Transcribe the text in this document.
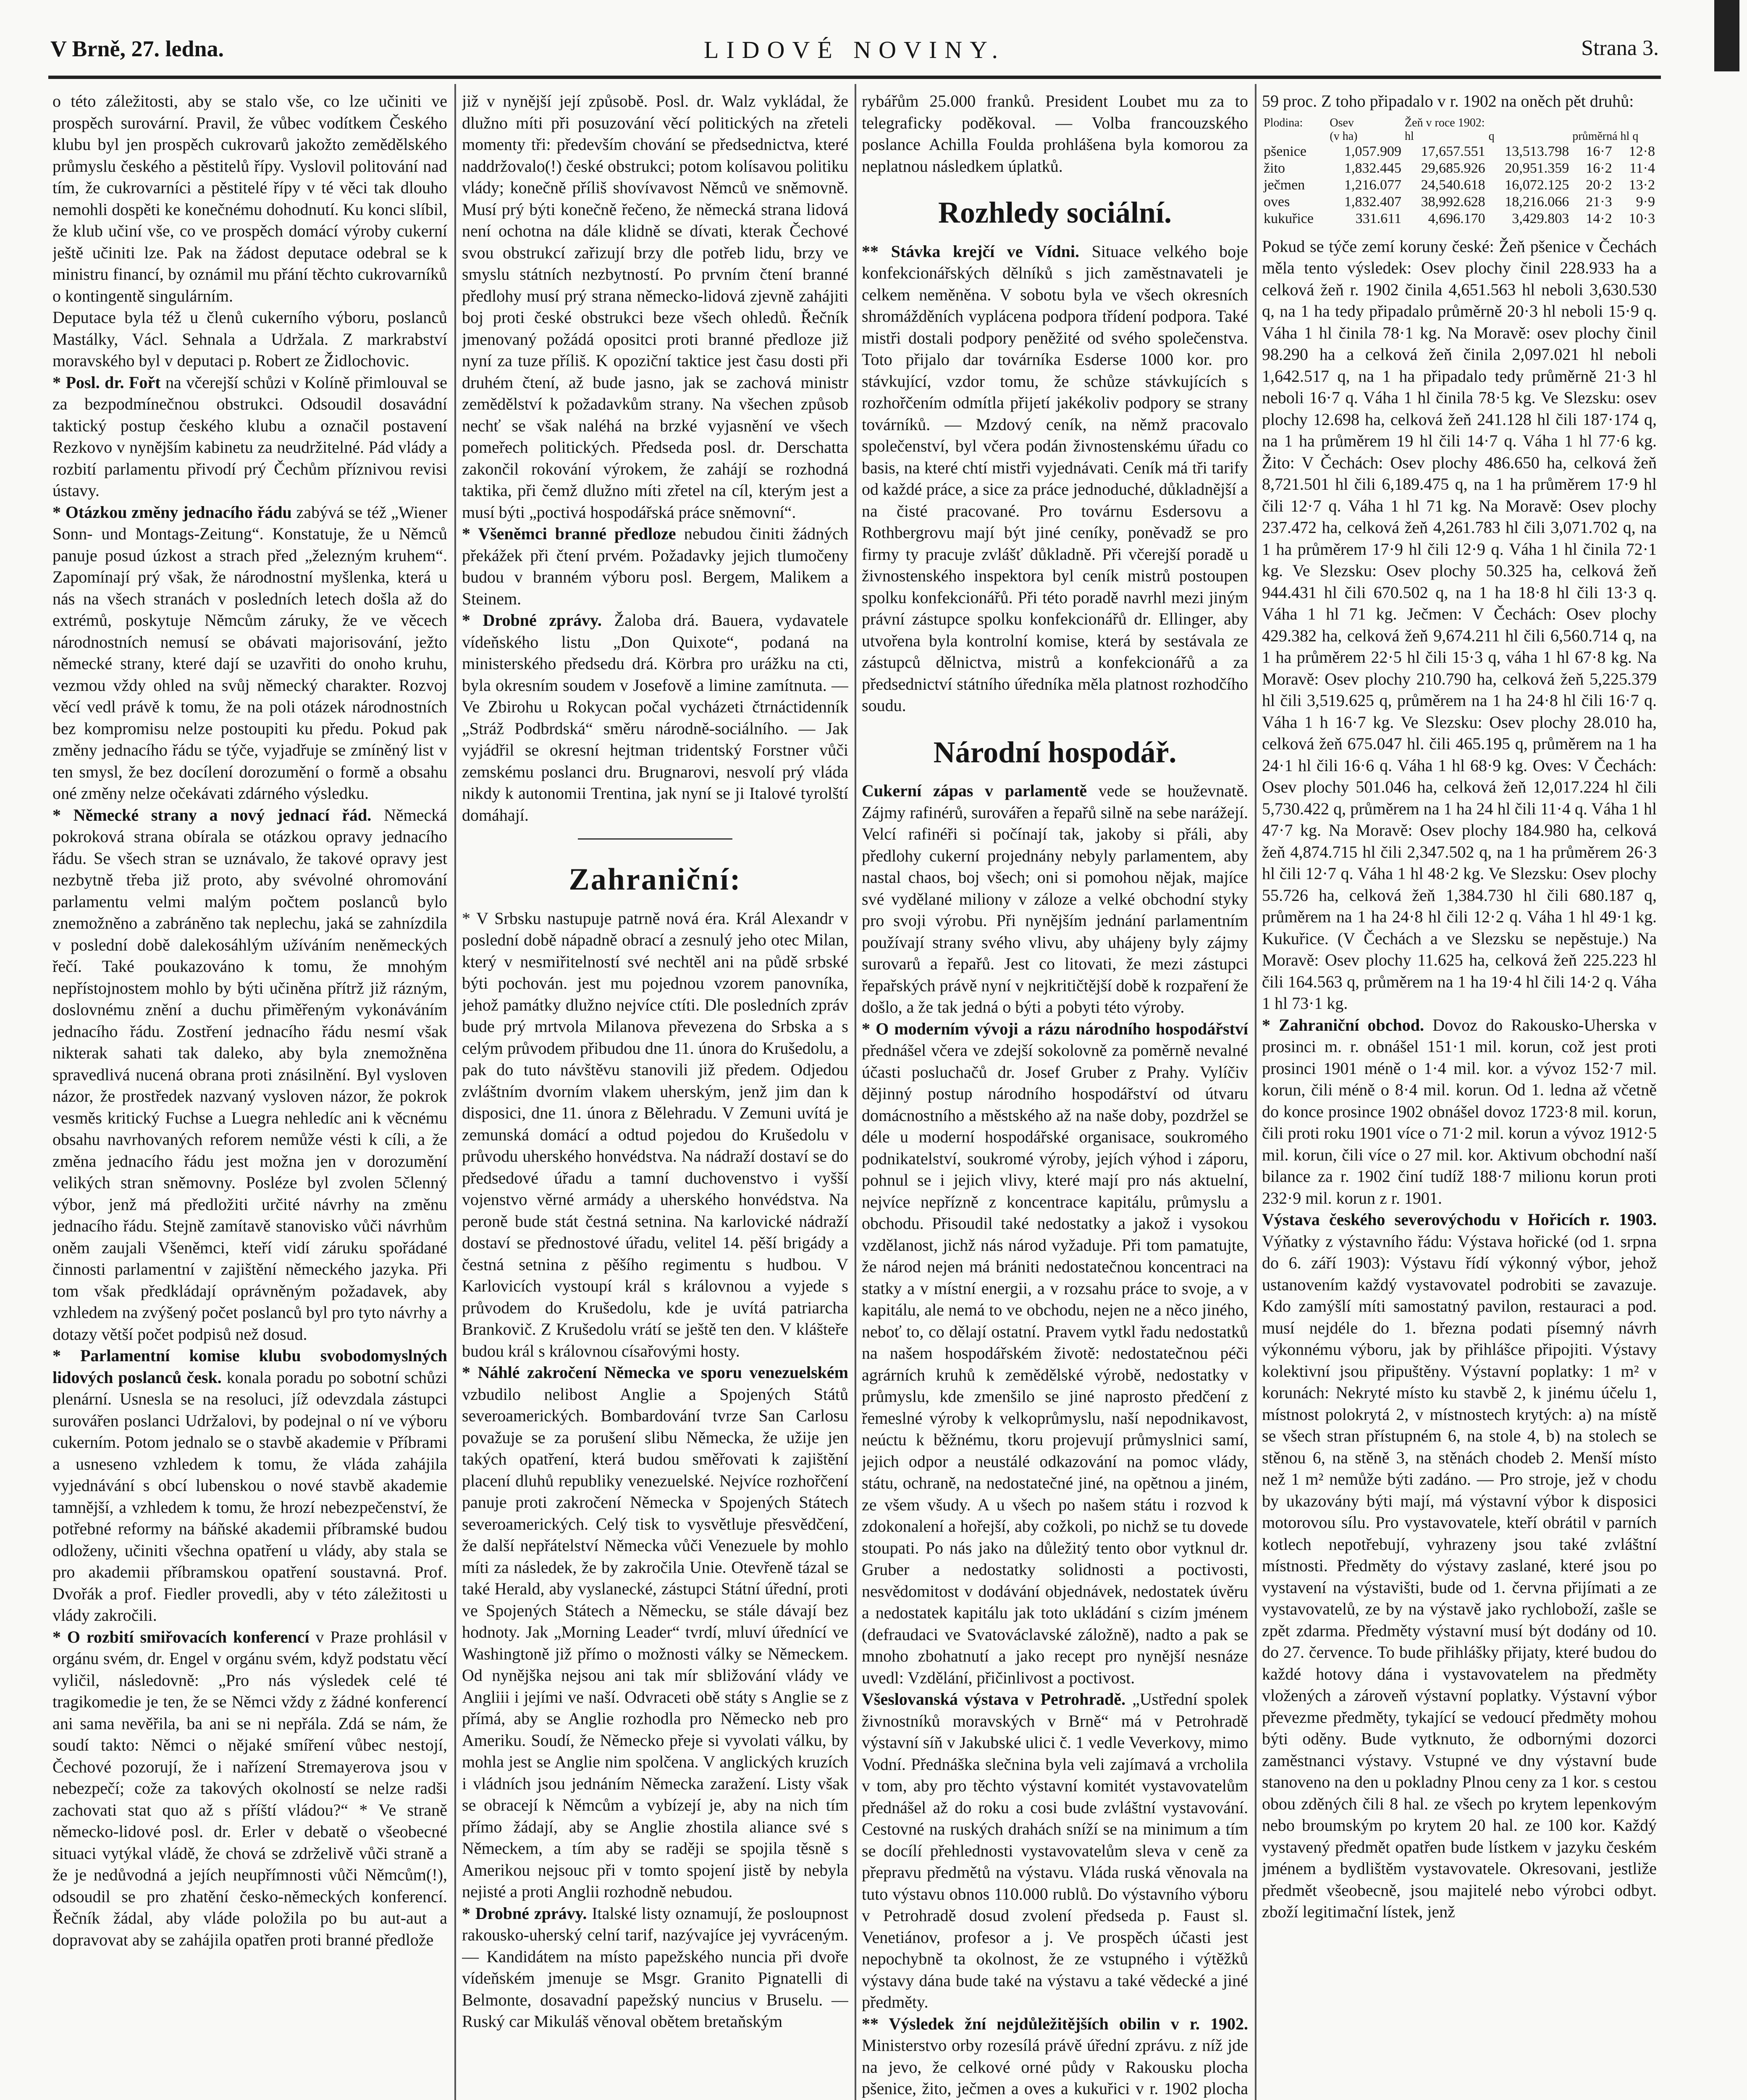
V Brně, 27. ledna.	LIDOVÉ NOVINY.	Strana 3.

o této záležitosti, aby se stalo vše, co lze učiniti ve prospěch surovární. Pravil, že vůbec vodítkem Českého klubu byl jen prospěch cukrovarů jakožto zemědělského průmyslu českého a pěstitelů řípy. Vyslovil politování nad tím, že cukrovarníci a pěstitelé řípy v té věci tak dlouho nemohli dospěti ke konečnému dohodnutí. Ku konci slíbil, že klub učiní vše, co ve prospěch domácí výroby cukerní ještě učiniti lze. Pak na žádost deputace odebral se k ministru financí, by oznámil mu přání těchto cukrovarníků o kontingentě singulárním.

Deputace byla též u členů cukerního výboru, poslanců Mastálky, Václ. Sehnala a Udržala. Z markrabství moravského byl v deputaci p. Robert ze Židlochovic.

* Posl. dr. Fořt na včerejší schůzi v Kolíně přimlouval se za bezpodmínečnou obstrukci. Odsoudil dosavádní taktický postup českého klubu a označil postavení Rezkovo v nynějším kabinetu za neudržitelné. Pád vlády a rozbití parlamentu přivodí prý Čechům příznivou revisi ústavy.

* Otázkou změny jednacího řádu zabývá se též „Wiener Sonn- und Montags-Zeitung“. Konstatuje, že u Němců panuje posud úzkost a strach před „železným kruhem“. Zapomínají prý však, že národnostní myšlenka, která u nás na všech stranách v posledních letech došla až do extrémů, poskytuje Němcům záruky, že ve věcech národnostních nemusí se obávati majorisování, ježto německé strany, které dají se uzavřiti do onoho kruhu, vezmou vždy ohled na svůj německý charakter. Rozvoj věcí vedl právě k tomu, že na poli otázek národnostních bez kompromisu nelze postoupiti ku předu. Pokud pak změny jednacího řádu se týče, vyjadřuje se zmíněný list v ten smysl, že bez docílení dorozumění o formě a obsahu oné změny nelze očekávati zdárného výsledku.

* Německé strany a nový jednací řád. Německá pokroková strana obírala se otázkou opravy jednacího řádu. Se všech stran se uznávalo, že takové opravy jest nezbytně třeba již proto, aby svévolné ohromování parlamentu velmi malým počtem poslanců bylo znemožněno a zabráněno tak neplechu, jaká se zahnízdila v poslední době dalekosáhlým užíváním neněmeckých řečí. Také poukazováno k tomu, že mnohým nepřístojnostem mohlo by býti učiněna přítrž již rázným, doslovnému znění a duchu přiměřeným vykonáváním jednacího řádu. Zostření jednacího řádu nesmí však nikterak sahati tak daleko, aby byla znemožněna spravedlivá nucená obrana proti znásilnění. Byl vysloven názor, že prostředek nazvaný vysloven názor, že pokrok vesměs kritický Fuchse a Luegra nehledíc ani k věcnému obsahu navrhovaných reforem nemůže vésti k cíli, a že změna jednacího řádu jest možna jen v dorozumění velikých stran sněmovny. Posléze byl zvolen 5členný výbor, jenž má předložiti určité návrhy na změnu jednacího řádu. Stejně zamítavě stanovisko vůči návrhům oněm zaujali Všeněmci, kteří vidí záruku spořádané činnosti parlamentní v zajištění německého jazyka. Při tom však předkládají oprávněným požadavek, aby vzhledem na zvýšený počet poslanců byl pro tyto návrhy a dotazy větší počet podpisů než dosud.

* Parlamentní komise klubu svobodomyslných lidových poslanců česk. konala poradu po sobotní schůzi plenární. Usnesla se na resoluci, jíž odevzdala zástupci surovářen poslanci Udržalovi, by podejnal o ní ve výboru cukerním. Potom jednalo se o stavbě akademie v Příbrami a usneseno vzhledem k tomu, že vláda zahájila vyjednávání s obcí lubenskou o nové stavbě akademie tamnější, a vzhledem k tomu, že hrozí nebezpečenství, že potřebné reformy na báňské akademii příbramské budou odloženy, učiniti všechna opatření u vlády, aby stala se pro akademii příbramskou opatření soustavná. Prof. Dvořák a prof. Fiedler provedli, aby v této záležitosti u vlády zakročili.

* O rozbití smiřovacích konferencí v Praze prohlásil v orgánu svém, dr. Engel v orgánu svém, když podstatu věcí vyličil, následovně: „Pro nás výsledek celé té tragikomedie je ten, že se Němci vždy z žádné konferencí ani sama nevěřila, ba ani se ni nepřála. Zdá se nám, že soudí takto: Němci o nějaké smíření vůbec nestojí, Čechové pozorují, že i nařízení Stremayerova jsou v nebezpečí; cože za takových okolností se nelze radši zachovati stat quo až s příští vládou?“ * Ve straně německo-lidové posl. dr. Erler v debatě o všeobecné situaci vytýkal vládě, že chová se zdrželivě vůči straně a že je nedůvodná a jejích neupřímnosti vůči Němcům(!), odsoudil se pro zhatění česko-německých konferencí. Řečník žádal, aby vláde položila po bu aut-aut a dopravovat aby se zahájila opatřen proti branné předlože

již v nynější její způsobě. Posl. dr. Walz vykládal, že dlužno míti při posuzování věcí politických na zřeteli momenty tři: především chování se předsednictva, které naddržovalo(!) české obstrukci; potom kolísavou politiku vlády; konečně příliš shovívavost Němců ve sněmovně. Musí prý býti konečně řečeno, že německá strana lidová není ochotna na dále klidně se dívati, kterak Čechové svou obstrukcí zařizují brzy dle potřeb lidu, brzy ve smyslu státních nezbytností. Po prvním čtení branné předlohy musí prý strana německo-lidová zjevně zahájiti boj proti české obstrukci beze všech ohledů. Řečník jmenovaný požádá opositci proti branné předloze již nyní za tuze příliš. K opoziční taktice jest času dosti při druhém čtení, až bude jasno, jak se zachová ministr zemědělství k požadavkům strany. Na všechen způsob nechť se však naléhá na brzké vyjasnění ve všech pomeřech politických. Předseda posl. dr. Derschatta zakončil rokování výrokem, že zahájí se rozhodná taktika, při čemž dlužno míti zřetel na cíl, kterým jest a musí býti „poctivá hospodářská práce sněmovní“.

* Všeněmci branné předloze nebudou činiti žádných překážek při čtení prvém. Požadavky jejich tlumočeny budou v branném výboru posl. Bergem, Malikem a Steinem.

* Drobné zprávy. Žaloba drá. Bauera, vydavatele vídeňského listu „Don Quixote“, podaná na ministerského předsedu drá. Körbra pro urážku na cti, byla okresním soudem v Josefově a limine zamítnuta. — Ve Zbirohu u Rokycan počal vycházeti čtrnáctidenník „Stráž Podbrdská“ směru národně-sociálního. — Jak vyjádřil se okresní hejtman tridentský Forstner vůči zemskému poslanci dru. Brugnarovi, nesvolí prý vláda nikdy k autonomii Trentina, jak nyní se ji Italové tyrolští domáhají.

Zahraniční:

* V Srbsku nastupuje patrně nová éra. Král Alexandr v poslední době nápadně obrací a zesnulý jeho otec Milan, který v nesmiřitelností své nechtěl ani na půdě srbské býti pochován. jest mu pojednou vzorem panovníka, jehož památky dlužno nejvíce ctíti. Dle posledních zpráv bude prý mrtvola Milanova převezena do Srbska a s celým průvodem přibudou dne 11. února do Krušedolu, a pak do tuto návštěvu stanovili již předem. Odjedou zvláštním dvorním vlakem uherským, jenž jim dan k disposici, dne 11. února z Bělehradu. V Zemuni uvítá je zemunská domácí a odtud pojedou do Krušedolu v průvodu uherského honvédstva. Na nádraží dostaví se do předsedové úřadu a tamní duchovenstvo i vyšší vojenstvo věrné armády a uherského honvédstva. Na peroně bude stát čestná setnina. Na karlovické nádraží dostaví se přednostové úřadu, velitel 14. pěší brigády a čestná setnina z pěšího regimentu s hudbou. V Karlovicích vystoupí král s královnou a vyjede s průvodem do Krušedolu, kde je uvítá patriarcha Brankovič. Z Krušedolu vrátí se ještě ten den. V klášteře budou král s královnou císařovými hosty.

* Náhlé zakročení Německa ve sporu venezuelském vzbudilo nelibost Anglie a Spojených Států severoamerických. Bombardování tvrze San Carlosu považuje se za porušení slibu Německa, že užije jen takých opatření, která budou směřovati k zajištění placení dluhů republiky venezuelské. Nejvíce rozhořčení panuje proti zakročení Německa v Spojených Státech severoamerických. Celý tisk to vysvětluje přesvědčení, že další nepřátelství Německa vůči Venezuele by mohlo míti za následek, že by zakročila Unie. Otevřeně tázal se také Herald, aby vyslanecké, zástupci Státní úřední, proti ve Spojených Státech a Německu, se stále dávají bez hodnoty. Jak „Morning Leader“ tvrdí, mluví úřednící ve Washingtoně již přímo o možnosti války se Německem. Od nynějška nejsou ani tak mír sbližování vlády ve Angliii i jejími ve naší. Odvraceti obě státy s Anglie se z přímá, aby se Anglie rozhodla pro Německo neb pro Ameriku. Soudí, že Německo přeje si vyvolati válku, by mohla jest se Anglie nim spolčena. V anglických kruzích i vládních jsou jednáním Německa zaražení. Listy však se obracejí k Němcům a vybízejí je, aby na nich tím přímo žádají, aby se Anglie zhostila aliance své s Německem, a tím aby se raději se spojila těsně s Amerikou nejsouc při v tomto spojení jistě by nebyla nejisté a proti Anglii rozhodně nebudou.

* Drobné zprávy. Italské listy oznamují, že posloupnost rakousko-uherský celní tarif, nazývajíce jej vyvráceným. — Kandidátem na místo papežského nuncia při dvoře vídeňském jmenuje se Msgr. Granito Pignatelli di Belmonte, dosavadní papežský nuncius v Bruselu. — Ruský car Mikuláš věnoval obětem bretaňským

rybářům 25.000 franků. President Loubet mu za to telegraficky poděkoval. — Volba francouzského poslance Achilla Foulda prohlášena byla komorou za neplatnou následkem úplatků.

Rozhledy sociální.

** Stávka krejčí ve Vídni. Situace velkého boje konfekcionářských dělníků s jich zaměstnavateli je celkem neměněna. V sobotu byla ve všech okresních shromážděních vyplácena podpora třídení podpora. Také mistři dostali podpory peněžité od svého společenstva. Toto přijalo dar továrníka Esderse 1000 kor. pro stávkující, vzdor tomu, že schůze stávkujících s rozhořčením odmítla přijetí jakékoliv podpory se strany továrníků. — Mzdový ceník, na němž pracovalo společenství, byl včera podán živnostenskému úřadu co basis, na které chtí mistři vyjednávati. Ceník má tři tarify od každé práce, a sice za práce jednoduché, důkladnější a na čisté pracované. Pro továrnu Esdersovu a Rothbergrovu mají být jiné ceníky, poněvadž se pro firmy ty pracuje zvlášť důkladně. Při včerejší poradě u živnostenského inspektora byl ceník mistrů postoupen spolku konfekcionářů. Při této poradě navrhl mezi jiným právní zástupce spolku konfekcionářů dr. Ellinger, aby utvořena byla kontrolní komise, která by sestávala ze zástupců dělnictva, mistrů a konfekcionářů a za předsednictví státního úředníka měla platnost rozhodčího soudu.

Národní hospodář.

Cukerní zápas v parlamentě vede se houževnatě. Zájmy rafinérů, surovářen a řepařů silně na sebe narážejí. Velcí rafinéři si počínají tak, jakoby si přáli, aby předlohy cukerní projednány nebyly parlamentem, aby nastal chaos, boj všech; oni si pomohou nějak, majíce své vydělané miliony v záloze a velké obchodní styky pro svoji výrobu. Při nynějším jednání parlamentním používají strany svého vlivu, aby uhájeny byly zájmy surovarů a řepařů. Jest co litovati, že mezi zástupci řepařských právě nyní v nejkritičtější době k rozpaření že došlo, a že tak jedná o býti a pobyti této výroby.

* O moderním vývoji a rázu národního hospodářství přednášel včera ve zdejší sokolovně za poměrně nevalné účasti posluchačů dr. Josef Gruber z Prahy. Vylíčiv dějinný postup národního hospodářství od útvaru domácnostního a městského až na naše doby, pozdržel se déle u moderní hospodářské organisace, soukromého podnikatelství, soukromé výroby, jejích výhod i záporu, pohnul se i jejich vlivy, které mají pro nás aktuelní, nejvíce nepřízně z koncentrace kapitálu, průmyslu a obchodu. Přisoudil také nedostatky a jakož i vysokou vzdělanost, jichž nás národ vyžaduje. Při tom pamatujte, že národ nejen má brániti nedostatečnou koncentraci na statky a v místní energii, a v rozsahu práce to svoje, a v kapitálu, ale nemá to ve obchodu, nejen ne a něco jiného, neboť to, co dělají ostatní. Pravem vytkl řadu nedostatků na našem hospodářském životě: nedostatečnou péči agrárních kruhů k zemědělské výrobě, nedostatky v průmyslu, kde zmenšilo se jiné naprosto předčení z řemeslné výroby k velkoprůmyslu, naší nepodnikavost, neúctu k běžnému, tkoru projevují průmyslnici samí, jejich odpor a neustálé odkazování na pomoc vlády, státu, ochraně, na nedostatečné jiné, na opětnou a jiném, ze všem všudy. A u všech po našem státu i rozvod k zdokonalení a hořejší, aby cožkoli, po nichž se tu dovede stoupati. Po nás jako na důležitý tento obor vytknul dr. Gruber a nedostatky solidnosti a poctivosti, nesvědomitost v dodávání objednávek, nedostatek úvěru a nedostatek kapitálu jak toto ukládání s cizím jménem (defraudaci ve Svatováclavské záložně), nadto a pak se mnoho zbohatnutí a jako recept pro nynější nesnáze uvedl: Vzdělání, přičinlivost a poctivost.

Všeslovanská výstava v Petrohradě. „Ustřední spolek živnostníků moravských v Brně“ má v Petrohradě výstavní síň v Jakubské ulici č. 1 vedle Veverkovy, mimo Vodní. Přednáška slečnina byla veli zajímavá a vrcholila v tom, aby pro těchto výstavní komitét vystavovatelům přednášel až do roku a cosi bude zvláštní vystavování. Cestovné na ruských drahách sníží se na minimum a tím se docílí přehlednosti vystavovatelům sleva v ceně za přepravu předmětů na výstavu. Vláda ruská věnovala na tuto výstavu obnos 110.000 rublů. Do výstavního výboru v Petrohradě dosud zvolení předseda p. Faust sl. Venetiánov, profesor a j. Ve prospěch účasti jest nepochybně ta okolnost, že ze vstupného i výtěžků výstavy dána bude také na výstavu a také vědecké a jiné předměty.

** Výsledek žní nejdůležitějších obilin v r. 1902. Ministerstvo orby rozesílá právě úřední zprávu. z níž jde na jevo, že celkové orné půdy v Rakousku plocha pšenice, žito, ječmen a oves a kukuřici v r. 1902 plocha

59 proc. Z toho připadalo v r. 1902 na oněch pět druhů:

Plodina:	Osev	Žeň v roce 1902:			
	(v ha)	hl	q	průměrná hl q	
pšenice	1,057.909	17,657.551	13,513.798	16·7	12·8
žito	1,832.445	29,685.926	20,951.359	16·2	11·4
ječmen	1,216.077	24,540.618	16,072.125	20·2	13·2
oves	1,832.407	38,992.628	18,216.066	21·3	9·9
kukuřice	331.611	4,696.170	3,429.803	14·2	10·3

Pokud se týče zemí koruny české: Žeň pšenice v Čechách měla tento výsledek: Osev plochy činil 228.933 ha a celková žeň r. 1902 činila 4,651.563 hl neboli 3,630.530 q, na 1 ha tedy připadalo průměrně 20·3 hl neboli 15·9 q. Váha 1 hl činila 78·1 kg. Na Moravě: osev plochy činil 98.290 ha a celková žeň činila 2,097.021 hl neboli 1,642.517 q, na 1 ha připadalo tedy průměrně 21·3 hl neboli 16·7 q. Váha 1 hl činila 78·5 kg. Ve Slezsku: osev plochy 12.698 ha, celková žeň 241.128 hl čili 187·174 q, na 1 ha průměrem 19 hl čili 14·7 q. Váha 1 hl 77·6 kg. Žito: V Čechách: Osev plochy 486.650 ha, celková žeň 8,721.501 hl čili 6,189.475 q, na 1 ha průměrem 17·9 hl čili 12·7 q. Váha 1 hl 71 kg. Na Moravě: Osev plochy 237.472 ha, celková žeň 4,261.783 hl čili 3,071.702 q, na 1 ha průměrem 17·9 hl čili 12·9 q. Váha 1 hl činila 72·1 kg. Ve Slezsku: Osev plochy 50.325 ha, celková žeň 944.431 hl čili 670.502 q, na 1 ha 18·8 hl čili 13·3 q. Váha 1 hl 71 kg. Ječmen: V Čechách: Osev plochy 429.382 ha, celková žeň 9,674.211 hl čili 6,560.714 q, na 1 ha průměrem 22·5 hl čili 15·3 q, váha 1 hl 67·8 kg. Na Moravě: Osev plochy 210.790 ha, celková žeň 5,225.379 hl čili 3,519.625 q, průměrem na 1 ha 24·8 hl čili 16·7 q. Váha 1 h 16·7 kg. Ve Slezsku: Osev plochy 28.010 ha, celková žeň 675.047 hl. čili 465.195 q, průměrem na 1 ha 24·1 hl čili 16·6 q. Váha 1 hl 68·9 kg. Oves: V Čechách: Osev plochy 501.046 ha, celková žeň 12,017.224 hl čili 5,730.422 q, průměrem na 1 ha 24 hl čili 11·4 q. Váha 1 hl 47·7 kg. Na Moravě: Osev plochy 184.980 ha, celková žeň 4,874.715 hl čili 2,347.502 q, na 1 ha průměrem 26·3 hl čili 12·7 q. Váha 1 hl 48·2 kg. Ve Slezsku: Osev plochy 55.726 ha, celková žeň 1,384.730 hl čili 680.187 q, průměrem na 1 ha 24·8 hl čili 12·2 q. Váha 1 hl 49·1 kg. Kukuřice. (V Čechách a ve Slezsku se nepěstuje.) Na Moravě: Osev plochy 11.625 ha, celková žeň 225.223 hl čili 164.563 q, průměrem na 1 ha 19·4 hl čili 14·2 q. Váha 1 hl 73·1 kg.

* Zahraniční obchod. Dovoz do Rakousko-Uherska v prosinci m. r. obnášel 151·1 mil. korun, což jest proti prosinci 1901 méně o 1·4 mil. kor. a vývoz 152·7 mil. korun, čili méně o 8·4 mil. korun. Od 1. ledna až včetně do konce prosince 1902 obnášel dovoz 1723·8 mil. korun, čili proti roku 1901 více o 71·2 mil. korun a vývoz 1912·5 mil. korun, čili více o 27 mil. kor. Aktivum obchodní naší bilance za r. 1902 činí tudíž 188·7 milionu korun proti 232·9 mil. korun z r. 1901.

Výstava českého severovýchodu v Hořicích r. 1903. Výňatky z výstavního řádu: Výstava hořické (od 1. srpna do 6. září 1903): Výstavu řídí výkonný výbor, jehož ustanovením každý vystavovatel podrobiti se zavazuje. Kdo zamýšlí míti samostatný pavilon, restauraci a pod. musí nejdéle do 1. března podati písemný návrh výkonnému výboru, jak by přihlášce připojiti. Výstavy kolektivní jsou připuštěny. Výstavní poplatky: 1 m² v korunách: Nekryté místo ku stavbě 2, k jinému účelu 1, místnost polokrytá 2, v místnostech krytých: a) na místě se všech stran přístupném 6, na stole 4, b) na stolech se stěnou 6, na stěně 3, na stěnách chodeb 2. Menší místo než 1 m² nemůže býti zadáno. — Pro stroje, jež v chodu by ukazovány býti mají, má výstavní výbor k disposici motorovou sílu. Pro vystavovatele, kteří obrátil v parních kotlech nepotřebují, vyhrazeny jsou také zvláštní místnosti. Předměty do výstavy zaslané, které jsou po vystavení na výstavišti, bude od 1. června přijímati a ze vystavovatelů, ze by na výstavě jako rychloboží, zašle se zpět zdarma. Předměty výstavní musí být dodány od 10. do 27. července. To bude přihlášky přijaty, které budou do každé hotovy dána i vystavovatelem na předměty vložených a zároveň výstavní poplatky. Výstavní výbor převezme předměty, tykající se vedoucí předměty mohou býti oděny. Bude vytknuto, že odbornými dozorci zaměstnanci výstavy. Vstupné ve dny výstavní bude stanoveno na den u pokladny Plnou ceny za 1 kor. s cestou obou zděných čili 8 hal. ze všech po krytem lepenkovým nebo broumským po krytem 20 hal. ze 100 kor. Každý vystavený předmět opatřen bude lístkem v jazyku českém jménem a bydlištěm vystavovatele. Okresovani, jestliže předmět všeobecně, jsou majitelé nebo výrobci odbyt. zboží legitimační lístek, jenž
